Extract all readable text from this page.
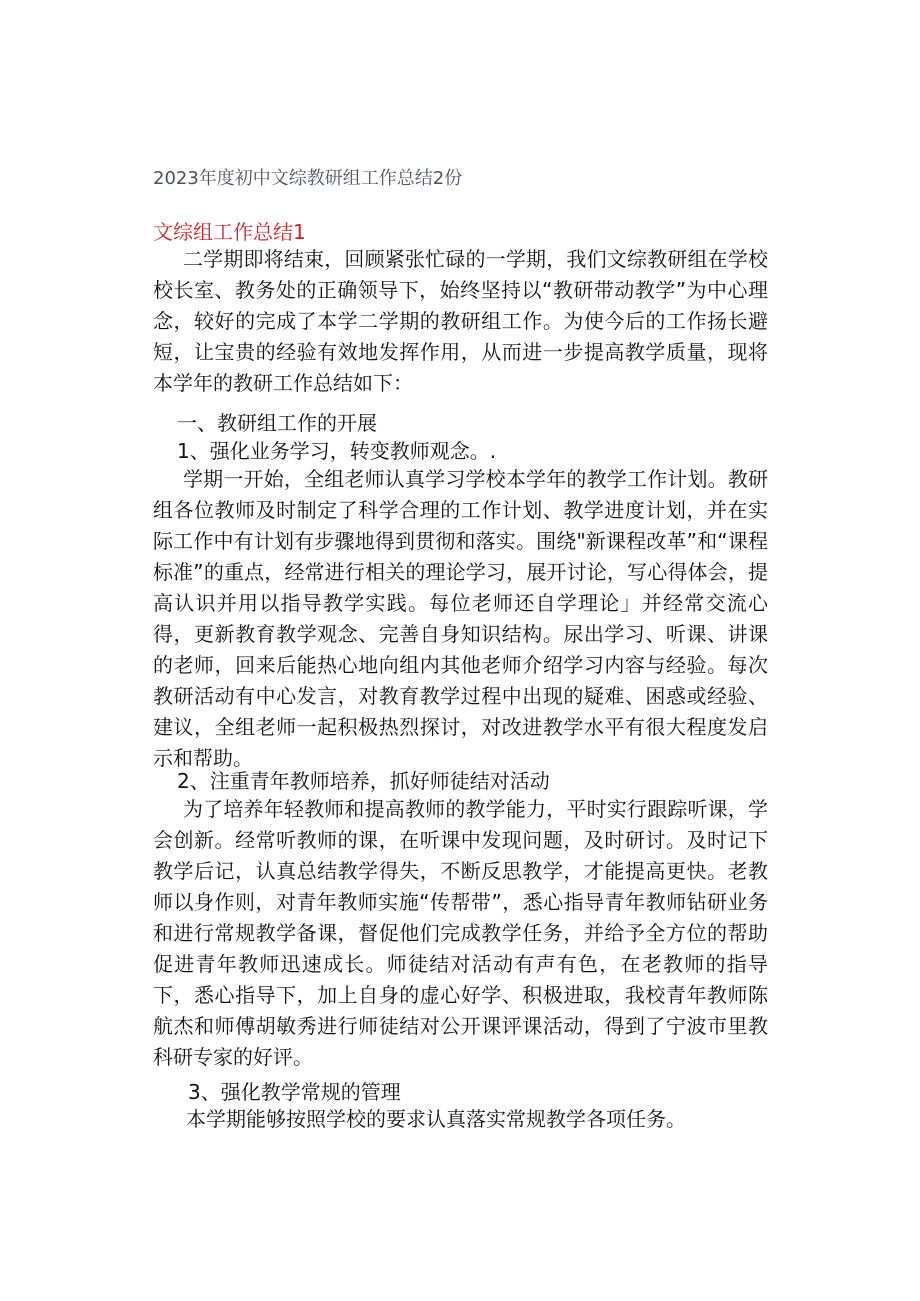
2023年度初中文综教研组工作总结2份
文综组工作总结1

二学期即将结束，回顾紧张忙碌的一学期，我们文综教研组在学校校长室、教务处的正确领导下，始终坚持以“教研带动教学”为中心理念，较好的完成了本学二学期的教研组工作。为使今后的工作扬长避短，让宝贵的经验有效地发挥作用，从而进一步提高教学质量，现将本学年的教研工作总结如下：

一、教研组工作的开展
1、强化业务学习，转变教师观念。.

学期一开始，全组老师认真学习学校本学年的教学工作计划。教研组各位教师及时制定了科学合理的工作计划、教学进度计划，并在实际工作中有计划有步骤地得到贯彻和落实。围绕"新课程改革”和“课程标准”的重点，经常进行相关的理论学习，展开讨论，写心得体会，提高认识并用以指导教学实践。每位老师还自学理论」并经常交流心得，更新教育教学观念、完善自身知识结构。尿出学习、听课、讲课的老师，回来后能热心地向组内其他老师介绍学习内容与经验。每次教研活动有中心发言，对教育教学过程中出现的疑难、困惑或经验、建议，全组老师一起积极热烈探讨，对改进教学水平有很大程度发启示和帮助。

2、注重青年教师培养，抓好师徒结对活动

为了培养年轻教师和提高教师的教学能力，平时实行跟踪听课，学会创新。经常听教师的课，在听课中发现问题，及时研讨。及时记下教学后记，认真总结教学得失，不断反思教学，才能提高更快。老教师以身作则，对青年教师实施“传帮带”，悉心指导青年教师钻研业务和进行常规教学备课，督促他们完成教学任务，并给予全方位的帮助促进青年教师迅速成长。师徒结对活动有声有色，在老教师的指导下，悉心指导下，加上自身的虚心好学、积极进取，我校青年教师陈航杰和师傅胡敏秀进行师徒结对公开课评课活动，得到了宁波市里教科研专家的好评。

3、强化教学常规的管理

本学期能够按照学校的要求认真落实常规教学各项任务。
